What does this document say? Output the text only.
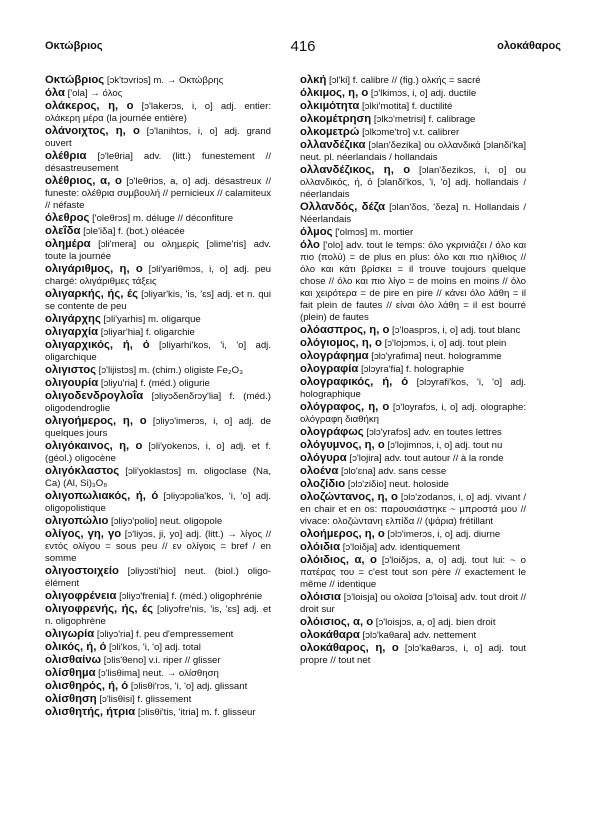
Οκτώβριος	416	ολοκάθαρος

Οκτώβριος [ɔk'tɔvriɔs] m. → Οκτώβρης

όλα ['ola] → όλος

ολάκερος, η, ο [ɔ'lakerɔs, i, o] adj. entier: ολάκερη μέρα (la journée entière)

ολάνοιχτος, η, ο [ɔ'lanihtɔs, i, o] adj. grand ouvert

ολέθρια [ɔ'leθria] adv. (litt.) funestement // désastreusement

ολέθριος, α, ο [ɔ'leθriɔs, a, o] adj. désastreux // funeste: ολέθρια συμβουλή // pernicieux // calamiteux // néfaste

όλεθρος ['oleθrɔs] m. déluge // déconfiture

ολεΐδα [ɔle'iδa] f. (bot.) oléacée

οληµέρα [ɔli'mera] ou οληµερίς [ɔlime'ris] adv. toute la journée

ολιγάριθµος, η, ο [ɔli'yariθmɔs, i, o] adj. peu chargé: ολιγάριθµες τάξεις

ολιγαρκής, ής, ές [ɔliyar'kis, 'is, 'ɛs] adj. et n. qui se contente de peu

ολιγάρχης [ɔli'yarhis] m. oligarque

ολιγαρχία [ɔliyar'hia] f. oligarchie

ολιγαρχικός, ή, ό [ɔliyarhi'kos, 'i, 'o] adj. oligarchique

ολιγιστος [ɔ'lijistɔs] m. (chim.) oligiste Fe₂O₃

ολιγουρία [ɔliyu'ria] f. (méd.) oligurie

ολιγοδενδρογλοΐα [ɔliyɔδenδrɔy'lia] f. (méd.) oligodendroglie

ολιγοήµερος, η, ο [ɔliyɔ'imerɔs, i, o] adj. de quelques jours

ολιγόκαινος, η, ο [ɔli'yokenɔs, i, o] adj. et f. (géol.) oligocène

ολιγόκλαστος [ɔli'yoklastɔs] m. oligoclase (Na, Ca) (Al, Si)₃O₈

ολιγοπωλιακός, ή, ό [ɔliyɔpɔlia'kos, 'i, 'o] adj. oligopolistique

ολιγοπώλιο [ɔliyɔ'polio] neut. oligopole

ολίγος, γη, γο [ɔ'liyɔs, ji, yo] adj. (litt.) → λίγος // εντός ολίγου = sous peu // εν ολίγοις = bref / en somme

ολιγοστοιχείο [ɔliyɔsti'hio] neut. (biol.) oligo-élément

ολιγοφρένεια [ɔliyɔ'frenia] f. (méd.) oligophrénie

ολιγοφρενής, ής, ές [ɔliyɔfre'nis, 'is, 'ɛs] adj. et n. oligophrène

ολιγωρία [ɔliyɔ'ria] f. peu d'empressement

ολικός, ή, ό [ɔli'kos, 'i, 'o] adj. total

ολισθαίνω [ɔlis'θeno] v.i. riper // glisser

ολίσθηµα [ɔ'lisθima] neut. → ολίσθηση

ολισθηρός, ή, ό [ɔlisθi'rɔs, 'i, 'o] adj. glissant

ολίσθηση [ɔ'lisθisi] f. glissement

ολισθητής, ήτρια [ɔlisθi'tis, 'itria] m. f. glisseur

ολκή [ɔl'ki] f. calibre // (fig.) ολκής = sacré

όλκιµος, η, ο [ɔ'lkimɔs, i, o] adj. ductile

ολκιµότητα [ɔlki'motita] f. ductilité

ολκοµέτρηση [ɔlkɔ'metrisi] f. calibrage

ολκοµετρώ [ɔlkɔme'tro] v.t. calibrer

ολλανδέζικα [ɔlan'δezika] ou ολλανδικά [ɔlanδi'ka] neut. pl. néerlandais / hollandais

ολλανδέζικος, η, ο [ɔlan'δezikɔs, i, o] ou ολλανδικός, ή, ό [ɔlanδi'kos, 'i, 'o] adj. hollandais / néerlandais

Ολλανδός, δέζα [ɔlan'δos, 'δeza] n. Hollandais / Néerlandais

όλµος ['olmɔs] m. mortier

όλο ['olo] adv. tout le temps: όλο γκρινιάζει / όλο και πιο (πολύ) = de plus en plus: όλο και πιο ηλίθιος // όλο και κάτι βρίσκει = il trouve toujours quelque chose // όλο και πιο λίγο = de moins en moins // όλο και χειρότερα = de pire en pire // κάνει όλο λάθη = il fait plein de fautes // είναι όλο λάθη = il est bourré (plein) de fautes

ολόασπρος, η, ο [ɔ'loasprɔs, i, o] adj. tout blanc

ολόγιοµος, η, ο [ɔ'lojɔmɔs, i, o] adj. tout plein

ολογράφηµα [ɔlɔ'yrafima] neut. hologramme

ολογραφία [ɔlɔyra'fia] f. holographie

ολογραφικός, ή, ό [ɔlɔyrafi'kos, 'i, 'o] adj. holographique

ολόγραφος, η, ο [ɔ'loyrafɔs, i, o] adj. olographe: ολόγραφη διαθήκη

ολογράφως [ɔlɔ'yrafɔs] adv. en toutes lettres

ολόγυµνος, η, ο [ɔ'lojimnɔs, i, o] adj. tout nu

ολόγυρα [ɔ'lojira] adv. tout autour // à la ronde

ολοένα [ɔlo'ɛna] adv. sans cesse

ολοζίδιο [ɔlɔ'ziδio] neut. holoside

ολοζώντανος, η, ο [ɔlɔ'zodanɔs, i, o] adj. vivant / en chair et en os: παρουσιάστηκε ~ µπροστά µου // vivace: ολοζώντανη ελπίδα // (ψάρια) frétillant

ολοήµερος, η, ο [ɔlɔ'imerɔs, i, o] adj. diurne

ολόιδια [ɔ'loiδja] adv. identiquement

ολόιδιος, α, ο [ɔ'loiδjɔs, a, o] adj. tout lui: ~ ο πατέρας του = c'est tout son père // exactement le même // identique

ολόισια [ɔ'loisja] ou ολοϊσα [ɔ'loisa] adv. tout droit // droit sur

ολόισιος, α, ο [ɔ'loisjɔs, a, o] adj. bien droit

ολοκάθαρα [ɔlɔ'kaθara] adv. nettement

ολοκάθαρος, η, ο [ɔlɔ'kaθarɔs, i, o] adj. tout propre // tout net
